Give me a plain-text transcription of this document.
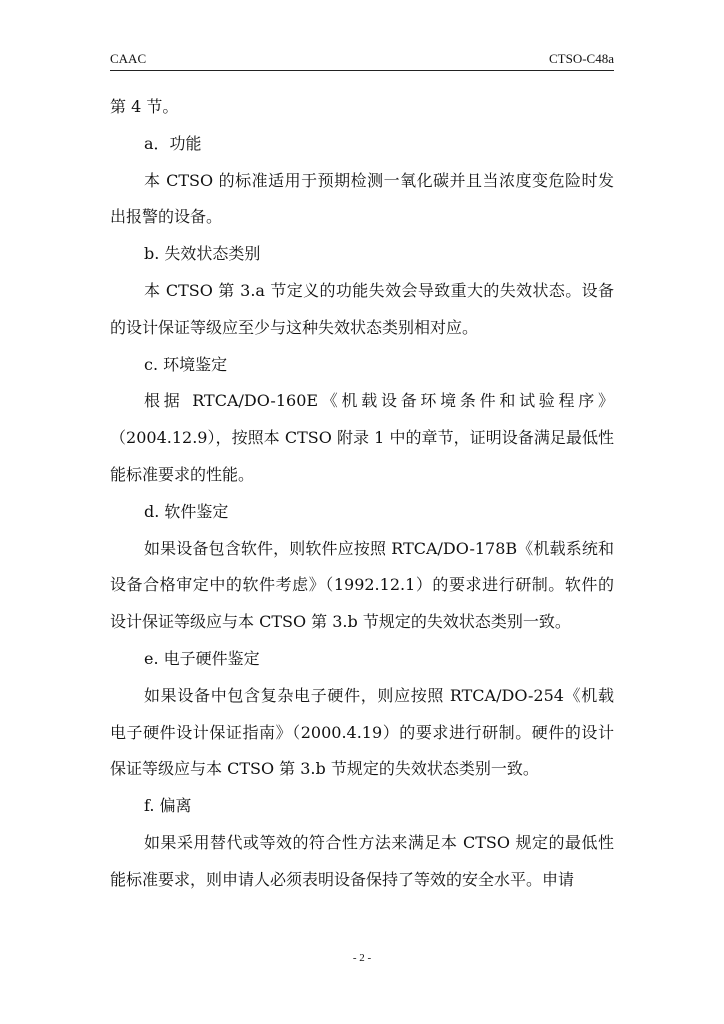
CAAC	CTSO-C48a

第 4 节。

a．功能

本 CTSO 的标准适用于预期检测一氧化碳并且当浓度变危险时发出报警的设备。

b. 失效状态类别

本 CTSO 第 3.a 节定义的功能失效会导致重大的失效状态。设备的设计保证等级应至少与这种失效状态类别相对应。

c. 环境鉴定

根据 RTCA/DO-160E《机载设备环境条件和试验程序》（2004.12.9），按照本 CTSO 附录 1 中的章节，证明设备满足最低性能标准要求的性能。

d. 软件鉴定

如果设备包含软件，则软件应按照 RTCA/DO-178B《机载系统和设备合格审定中的软件考虑》（1992.12.1）的要求进行研制。软件的设计保证等级应与本 CTSO 第 3.b 节规定的失效状态类别一致。

e. 电子硬件鉴定

如果设备中包含复杂电子硬件，则应按照 RTCA/DO-254《机载电子硬件设计保证指南》（2000.4.19）的要求进行研制。硬件的设计保证等级应与本 CTSO 第 3.b 节规定的失效状态类别一致。

f. 偏离

如果采用替代或等效的符合性方法来满足本 CTSO 规定的最低性能标准要求，则申请人必须表明设备保持了等效的安全水平。申请

- 2 -
